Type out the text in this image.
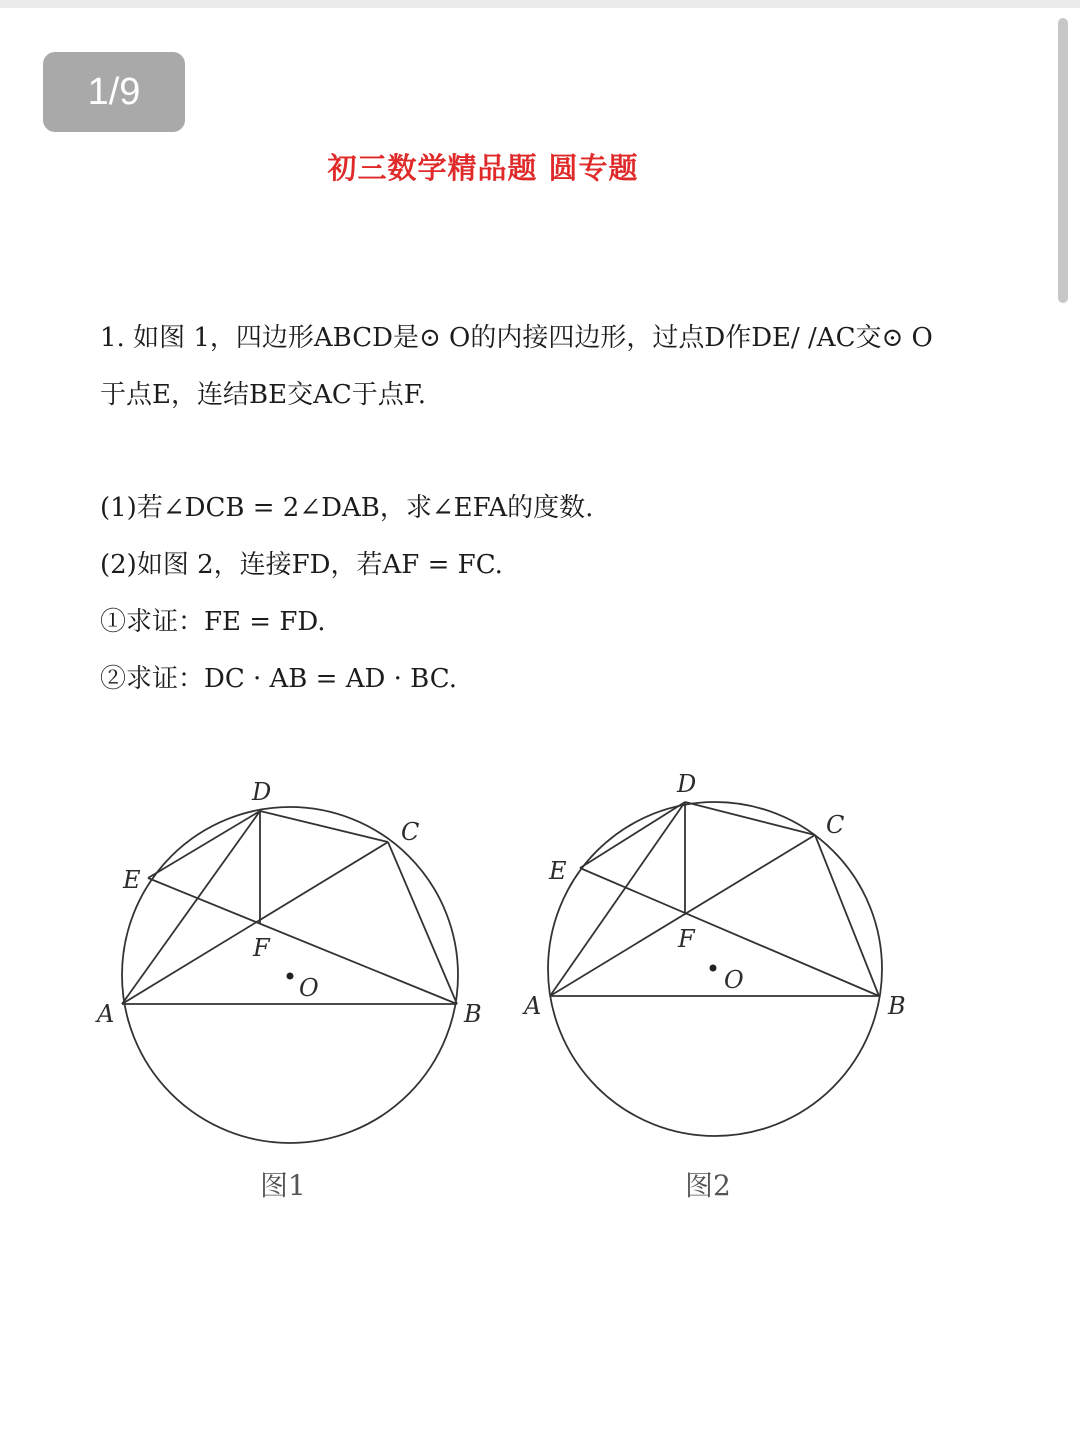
1/9
初三数学精品题 圆专题
1. 如图 1，四边形ABCD是⊙ O的内接四边形，过点D作DE/ /AC交⊙ O
于点E，连结BE交AC于点F.
(1)若∠DCB = 2∠DAB，求∠EFA的度数.
(2)如图 2，连接FD，若AF = FC.
①求证：FE = FD.
②求证：DC · AB = AD · BC.
D
C
E
F
O
A	B
图1
D
C
E
F
O
A	B
图2
